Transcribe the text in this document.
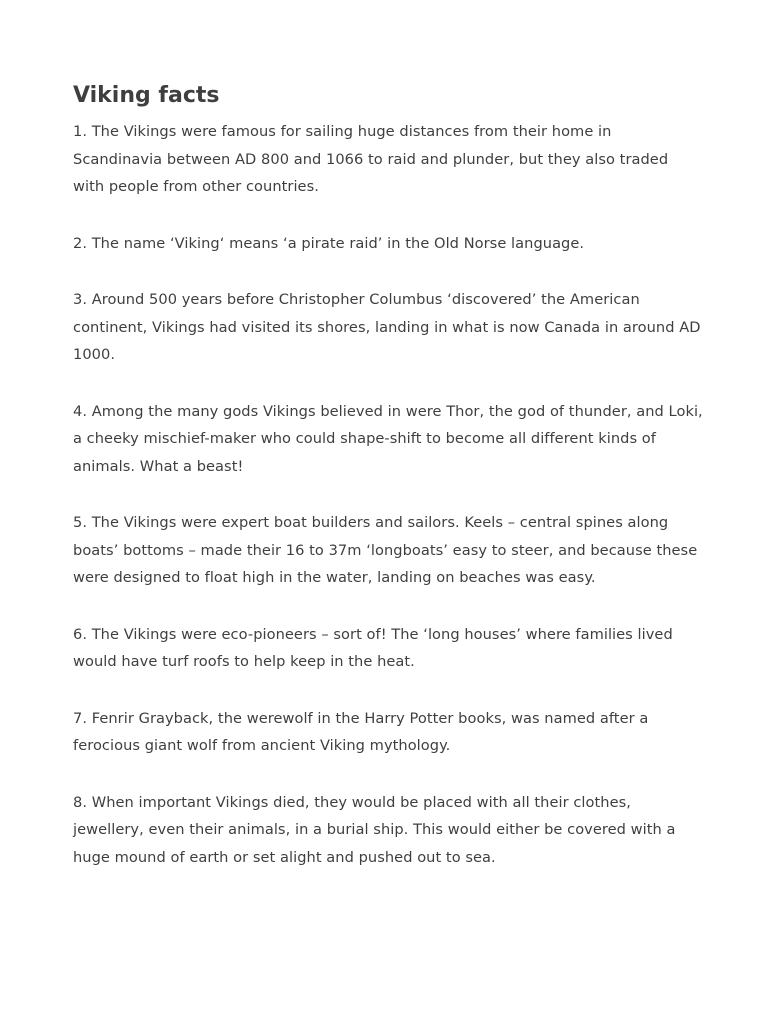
Viking facts

1. The Vikings were famous for sailing huge distances from their home in Scandinavia between AD 800 and 1066 to raid and plunder, but they also traded with people from other countries.

2. The name ‘Viking‘ means ‘a pirate raid’ in the Old Norse language.

3. Around 500 years before Christopher Columbus ‘discovered’ the American continent, Vikings had visited its shores, landing in what is now Canada in around AD 1000.

4. Among the many gods Vikings believed in were Thor, the god of thunder, and Loki, a cheeky mischief-maker who could shape-shift to become all different kinds of animals. What a beast!

5. The Vikings were expert boat builders and sailors. Keels – central spines along boats’ bottoms – made their 16 to 37m ‘longboats’ easy to steer, and because these were designed to float high in the water, landing on beaches was easy.

6. The Vikings were eco-pioneers – sort of! The ‘long houses’ where families lived would have turf roofs to help keep in the heat.

7. Fenrir Grayback, the werewolf in the Harry Potter books, was named after a ferocious giant wolf from ancient Viking mythology.

8. When important Vikings died, they would be placed with all their clothes, jewellery, even their animals, in a burial ship. This would either be covered with a huge mound of earth or set alight and pushed out to sea.
